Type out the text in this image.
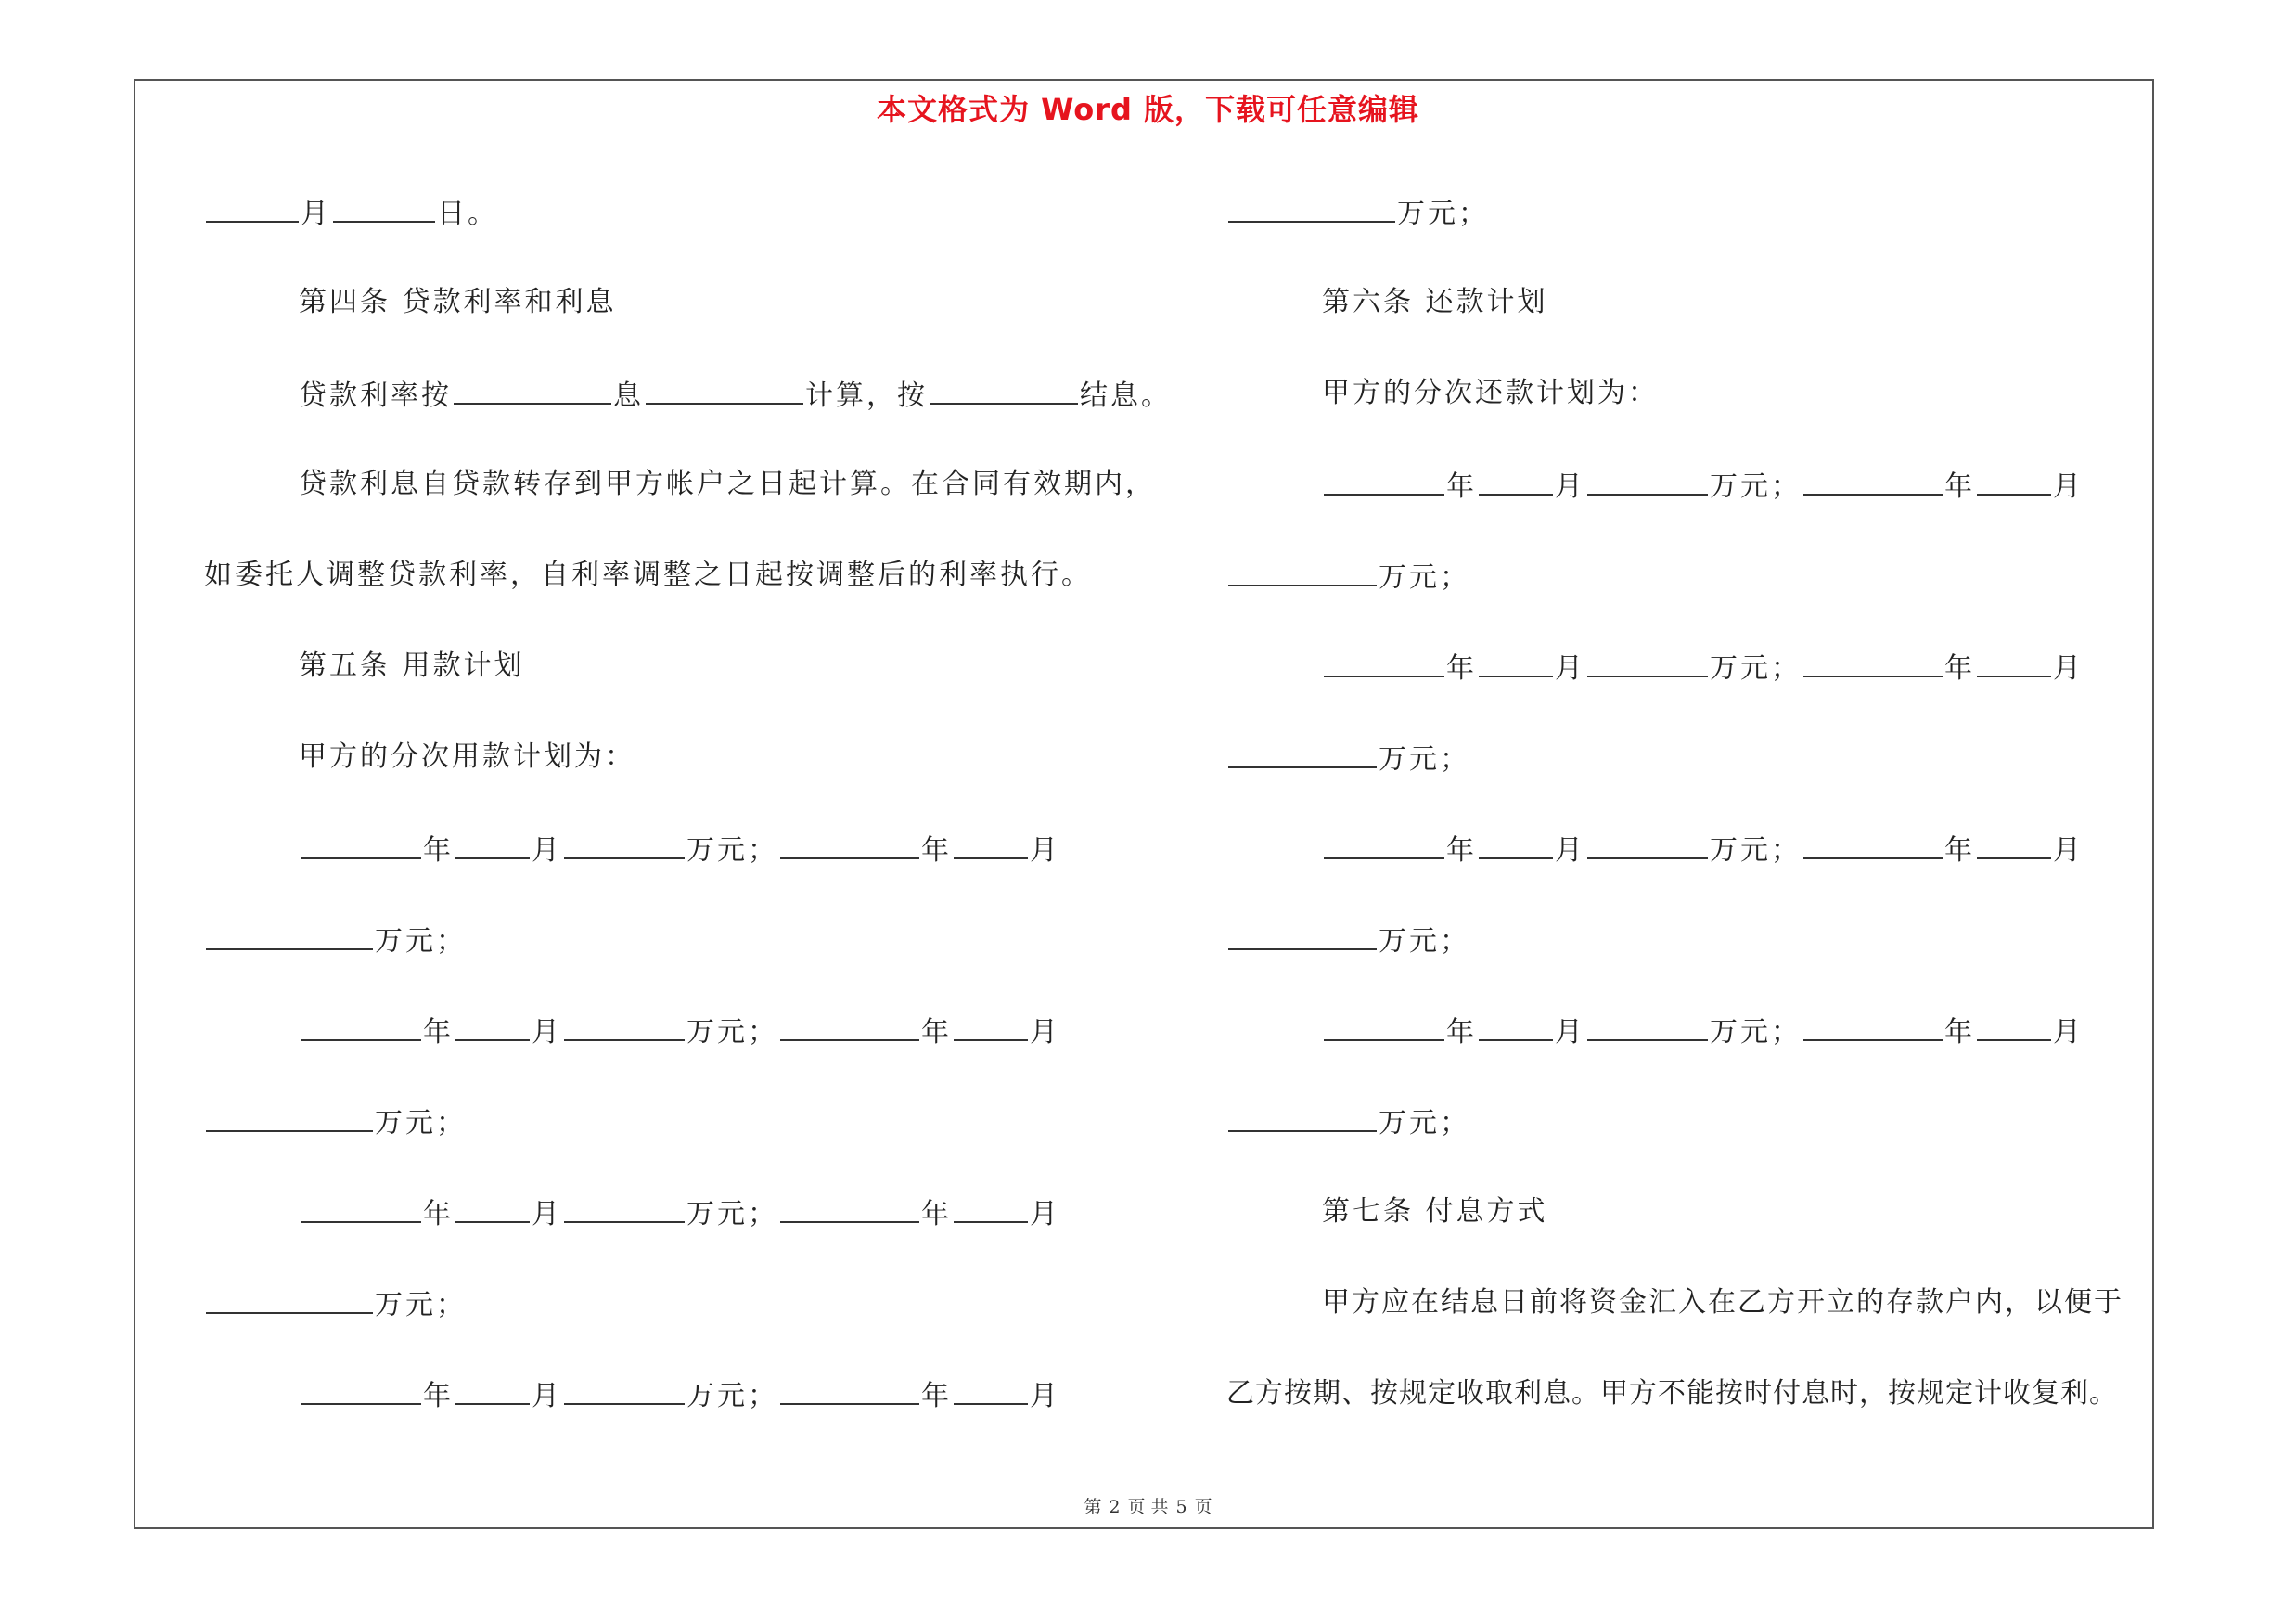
本文格式为 Word 版，下载可任意编辑
月	日。
第四条 贷款利率和利息
贷款利率按	息	计算，按	结息。
贷款利息自贷款转存到甲方帐户之日起计算。在合同有效期内，
如委托人调整贷款利率，自利率调整之日起按调整后的利率执行。
第五条 用款计划
甲方的分次用款计划为：
年	月	万元；	年	月
万元；
年	月	万元；	年	月
万元；
年	月	万元；	年	月
万元；
年	月	万元；	年	月
万元；
第六条 还款计划
甲方的分次还款计划为：
年	月	万元；	年	月
万元；
年	月	万元；	年	月
万元；
年	月	万元；	年	月
万元；
年	月	万元；	年	月
万元；
第七条 付息方式
甲方应在结息日前将资金汇入在乙方开立的存款户内，以便于
乙方按期、按规定收取利息。甲方不能按时付息时，按规定计收复利。
第 2 页 共 5 页
